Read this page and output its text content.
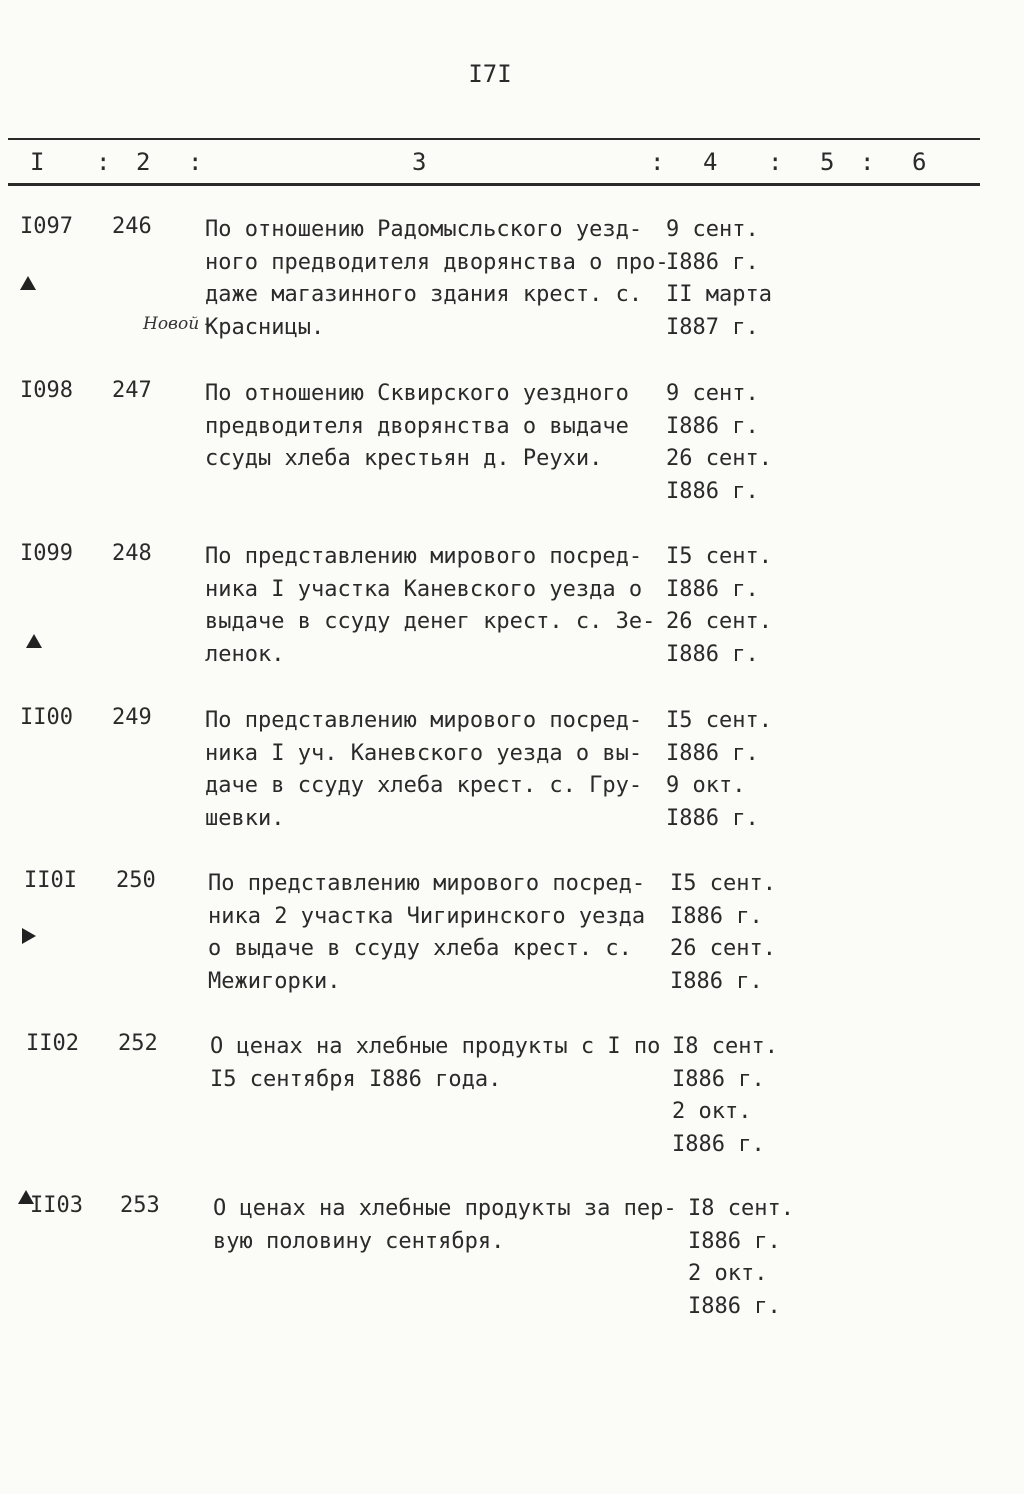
I7I
I : 2 :	3	: 4 : 5 : 6
I097 246 По отношению Радомысльского уезд-
ного предводителя дворянства о про-
даже магазинного здания крест. с.
Красницы.
Новой -
9 сент.
I886 г.
II марта
I887 г.
I098 247 По отношению Сквирского уездного
предводителя дворянства о выдаче
ссуды хлеба крестьян д. Реухи.
9 сент.
I886 г.
26 сент.
I886 г.
I099 248 По представлению мирового посред-
ника I участка Каневского уезда о
выдаче в ссуду денег крест. с. Зе-
ленок.
I5 сент.
I886 г.
26 сент.
I886 г.
II00 249 По представлению мирового посред-
ника I уч. Каневского уезда о вы-
даче в ссуду хлеба крест. с. Гру-
шевки.
I5 сент.
I886 г.
9 окт.
I886 г.
II0I 250 По представлению мирового посред-
ника 2 участка Чигиринского уезда
о выдаче в ссуду хлеба крест. с.
Межигорки.
I5 сент.
I886 г.
26 сент.
I886 г.
II02 252 О ценах на хлебные продукты с I по
I5 сентября I886 года.
I8 сент.
I886 г.
2 окт.
I886 г.
II03 253 О ценах на хлебные продукты за пер-
вую половину сентября.
I8 сент.
I886 г.
2 окт.
I886 г.
